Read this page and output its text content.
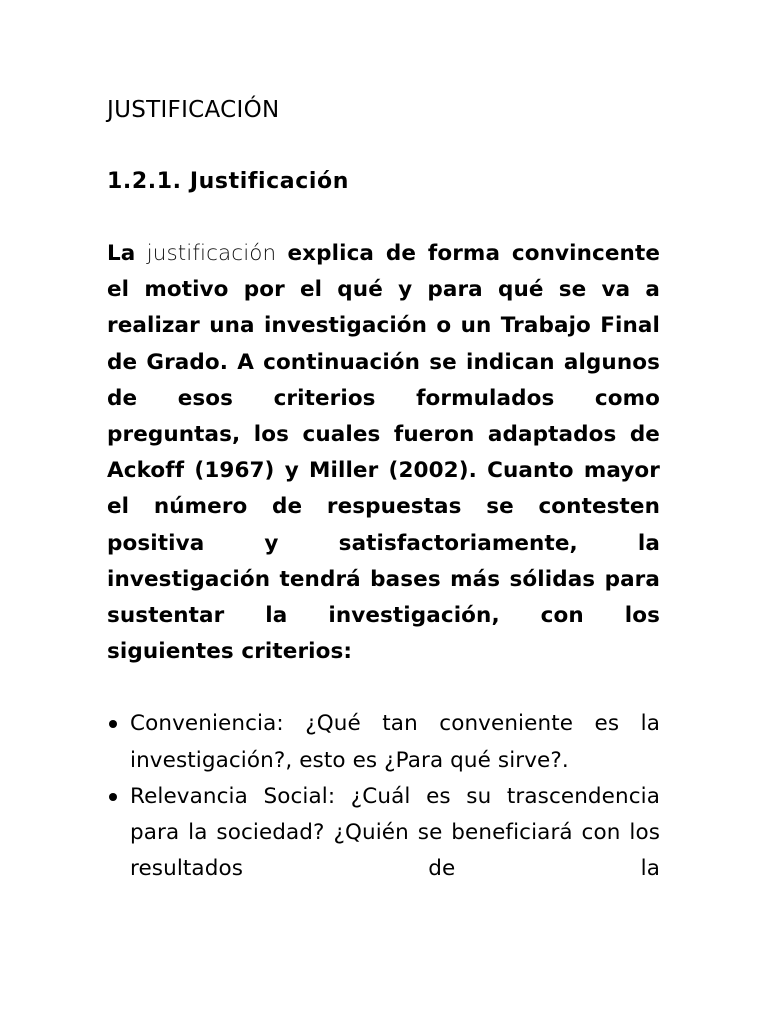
JUSTIFICACIÓN
1.2.1. Justificación

La justificación explica de forma convincente el motivo por el qué y para qué se va a realizar una investigación o un Trabajo Final de Grado. A continuación se indican algunos de esos criterios formulados como preguntas, los cuales fueron adaptados de Ackoff (1967) y Miller (2002). Cuanto mayor el número de respuestas se contesten positiva y satisfactoriamente, la investigación tendrá bases más sólidas para sustentar la investigación, con los siguientes criterios:

Conveniencia: ¿Qué tan conveniente es la investigación?, esto es ¿Para qué sirve?.
Relevancia Social: ¿Cuál es su trascendencia para la sociedad? ¿Quién se beneficiará con los resultados de la
